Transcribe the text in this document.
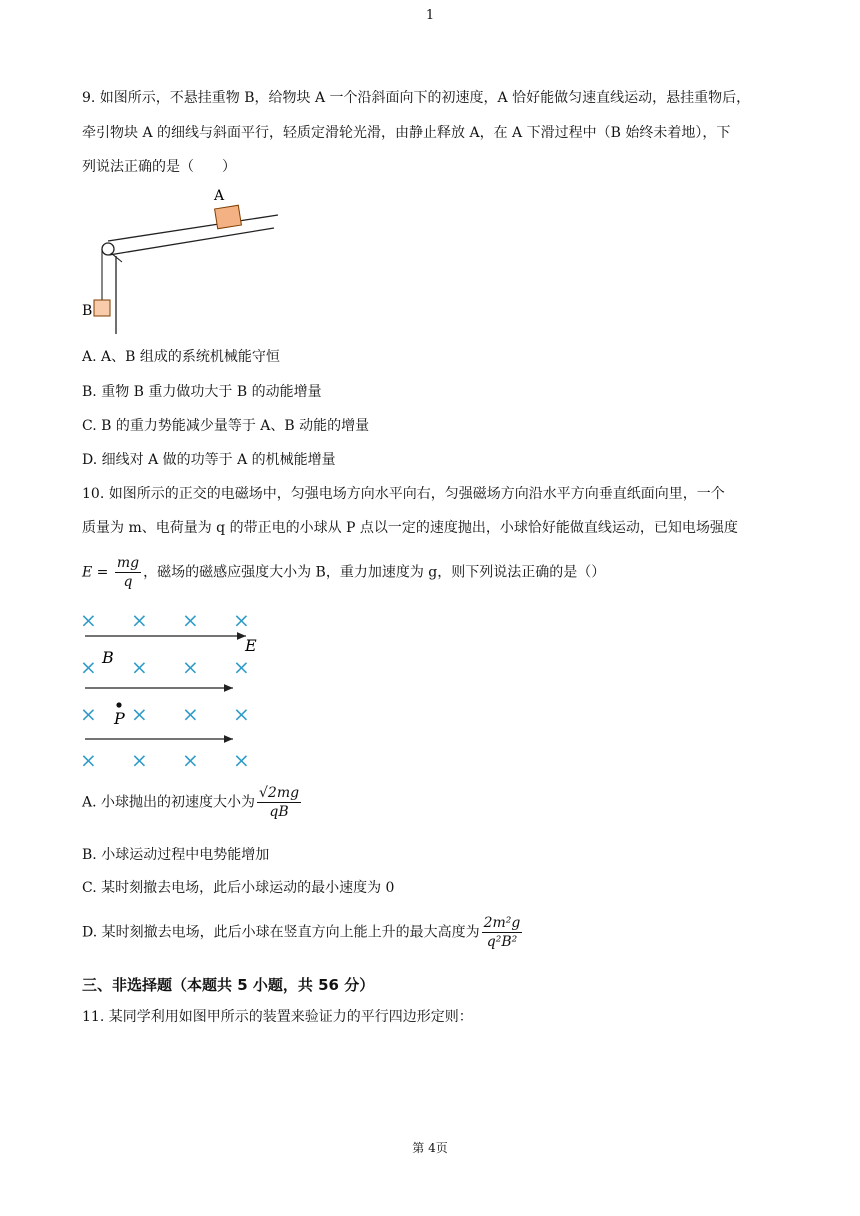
1
9. 如图所示，不悬挂重物 B，给物块 A 一个沿斜面向下的初速度，A 恰好能做匀速直线运动，悬挂重物后，
牵引物块 A 的细线与斜面平行，轻质定滑轮光滑，由静止释放 A，在 A 下滑过程中（B 始终未着地），下
列说法正确的是（　　）
A
B
A. A、B 组成的系统机械能守恒
B. 重物 B 重力做功大于 B 的动能增量
C. B 的重力势能减少量等于 A、B 动能的增量
D. 细线对 A 做的功等于 A 的机械能增量
10. 如图所示的正交的电磁场中，匀强电场方向水平向右，匀强磁场方向沿水平方向垂直纸面向里，一个
质量为 m、电荷量为 q 的带正电的小球从 P 点以一定的速度抛出，小球恰好能做直线运动，已知电场强度
$E = \frac{mg}{q}$ ，磁场的磁感应强度大小为 B，重力加速度为 g，则下列说法正确的是（）
× × × ×
× × × ×
× × × ×
× × × ×
E
B
P
A. 小球抛出的初速度大小为 $\frac{√2mg}{qB}$
B. 小球运动过程中电势能增加
C. 某时刻撤去电场，此后小球运动的最小速度为 0
D. 某时刻撤去电场，此后小球在竖直方向上能上升的最大高度为 $\frac{\text{2m²g}}{\text{q²B²}}$
三、非选择题（本题共 5 小题，共 56 分）
11. 某同学利用如图甲所示的装置来验证力的平行四边形定则：
第 4页
